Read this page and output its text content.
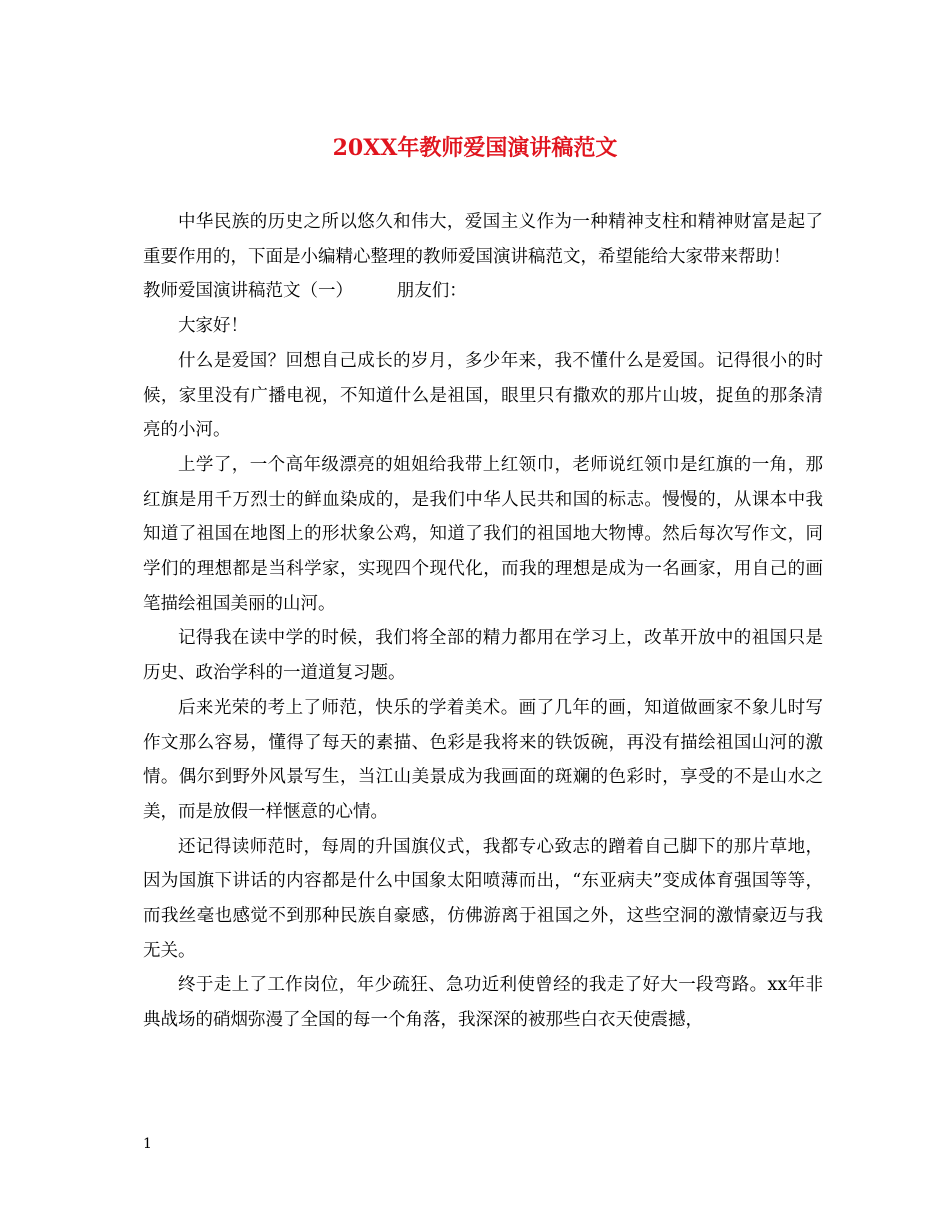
20XX年教师爱国演讲稿范文

中华民族的历史之所以悠久和伟大，爱国主义作为一种精神支柱和精神财富是起了重要作用的，下面是小编精心整理的教师爱国演讲稿范文，希望能给大家带来帮助！

教师爱国演讲稿范文（一）　　　朋友们：

大家好！

什么是爱国？回想自己成长的岁月，多少年来，我不懂什么是爱国。记得很小的时候，家里没有广播电视，不知道什么是祖国，眼里只有撒欢的那片山坡，捉鱼的那条清亮的小河。

上学了，一个高年级漂亮的姐姐给我带上红领巾，老师说红领巾是红旗的一角，那红旗是用千万烈士的鲜血染成的，是我们中华人民共和国的标志。慢慢的，从课本中我知道了祖国在地图上的形状象公鸡，知道了我们的祖国地大物博。然后每次写作文，同学们的理想都是当科学家，实现四个现代化，而我的理想是成为一名画家，用自己的画笔描绘祖国美丽的山河。

记得我在读中学的时候，我们将全部的精力都用在学习上，改革开放中的祖国只是历史、政治学科的一道道复习题。

后来光荣的考上了师范，快乐的学着美术。画了几年的画，知道做画家不象儿时写作文那么容易，懂得了每天的素描、色彩是我将来的铁饭碗，再没有描绘祖国山河的激情。偶尔到野外风景写生，当江山美景成为我画面的斑斓的色彩时，享受的不是山水之美，而是放假一样惬意的心情。

还记得读师范时，每周的升国旗仪式，我都专心致志的蹭着自己脚下的那片草地，因为国旗下讲话的内容都是什么中国象太阳喷薄而出，“东亚病夫”变成体育强国等等，而我丝毫也感觉不到那种民族自豪感，仿佛游离于祖国之外，这些空洞的激情豪迈与我无关。

终于走上了工作岗位，年少疏狂、急功近利使曾经的我走了好大一段弯路。xx年非典战场的硝烟弥漫了全国的每一个角落，我深深的被那些白衣天使震撼，

1
